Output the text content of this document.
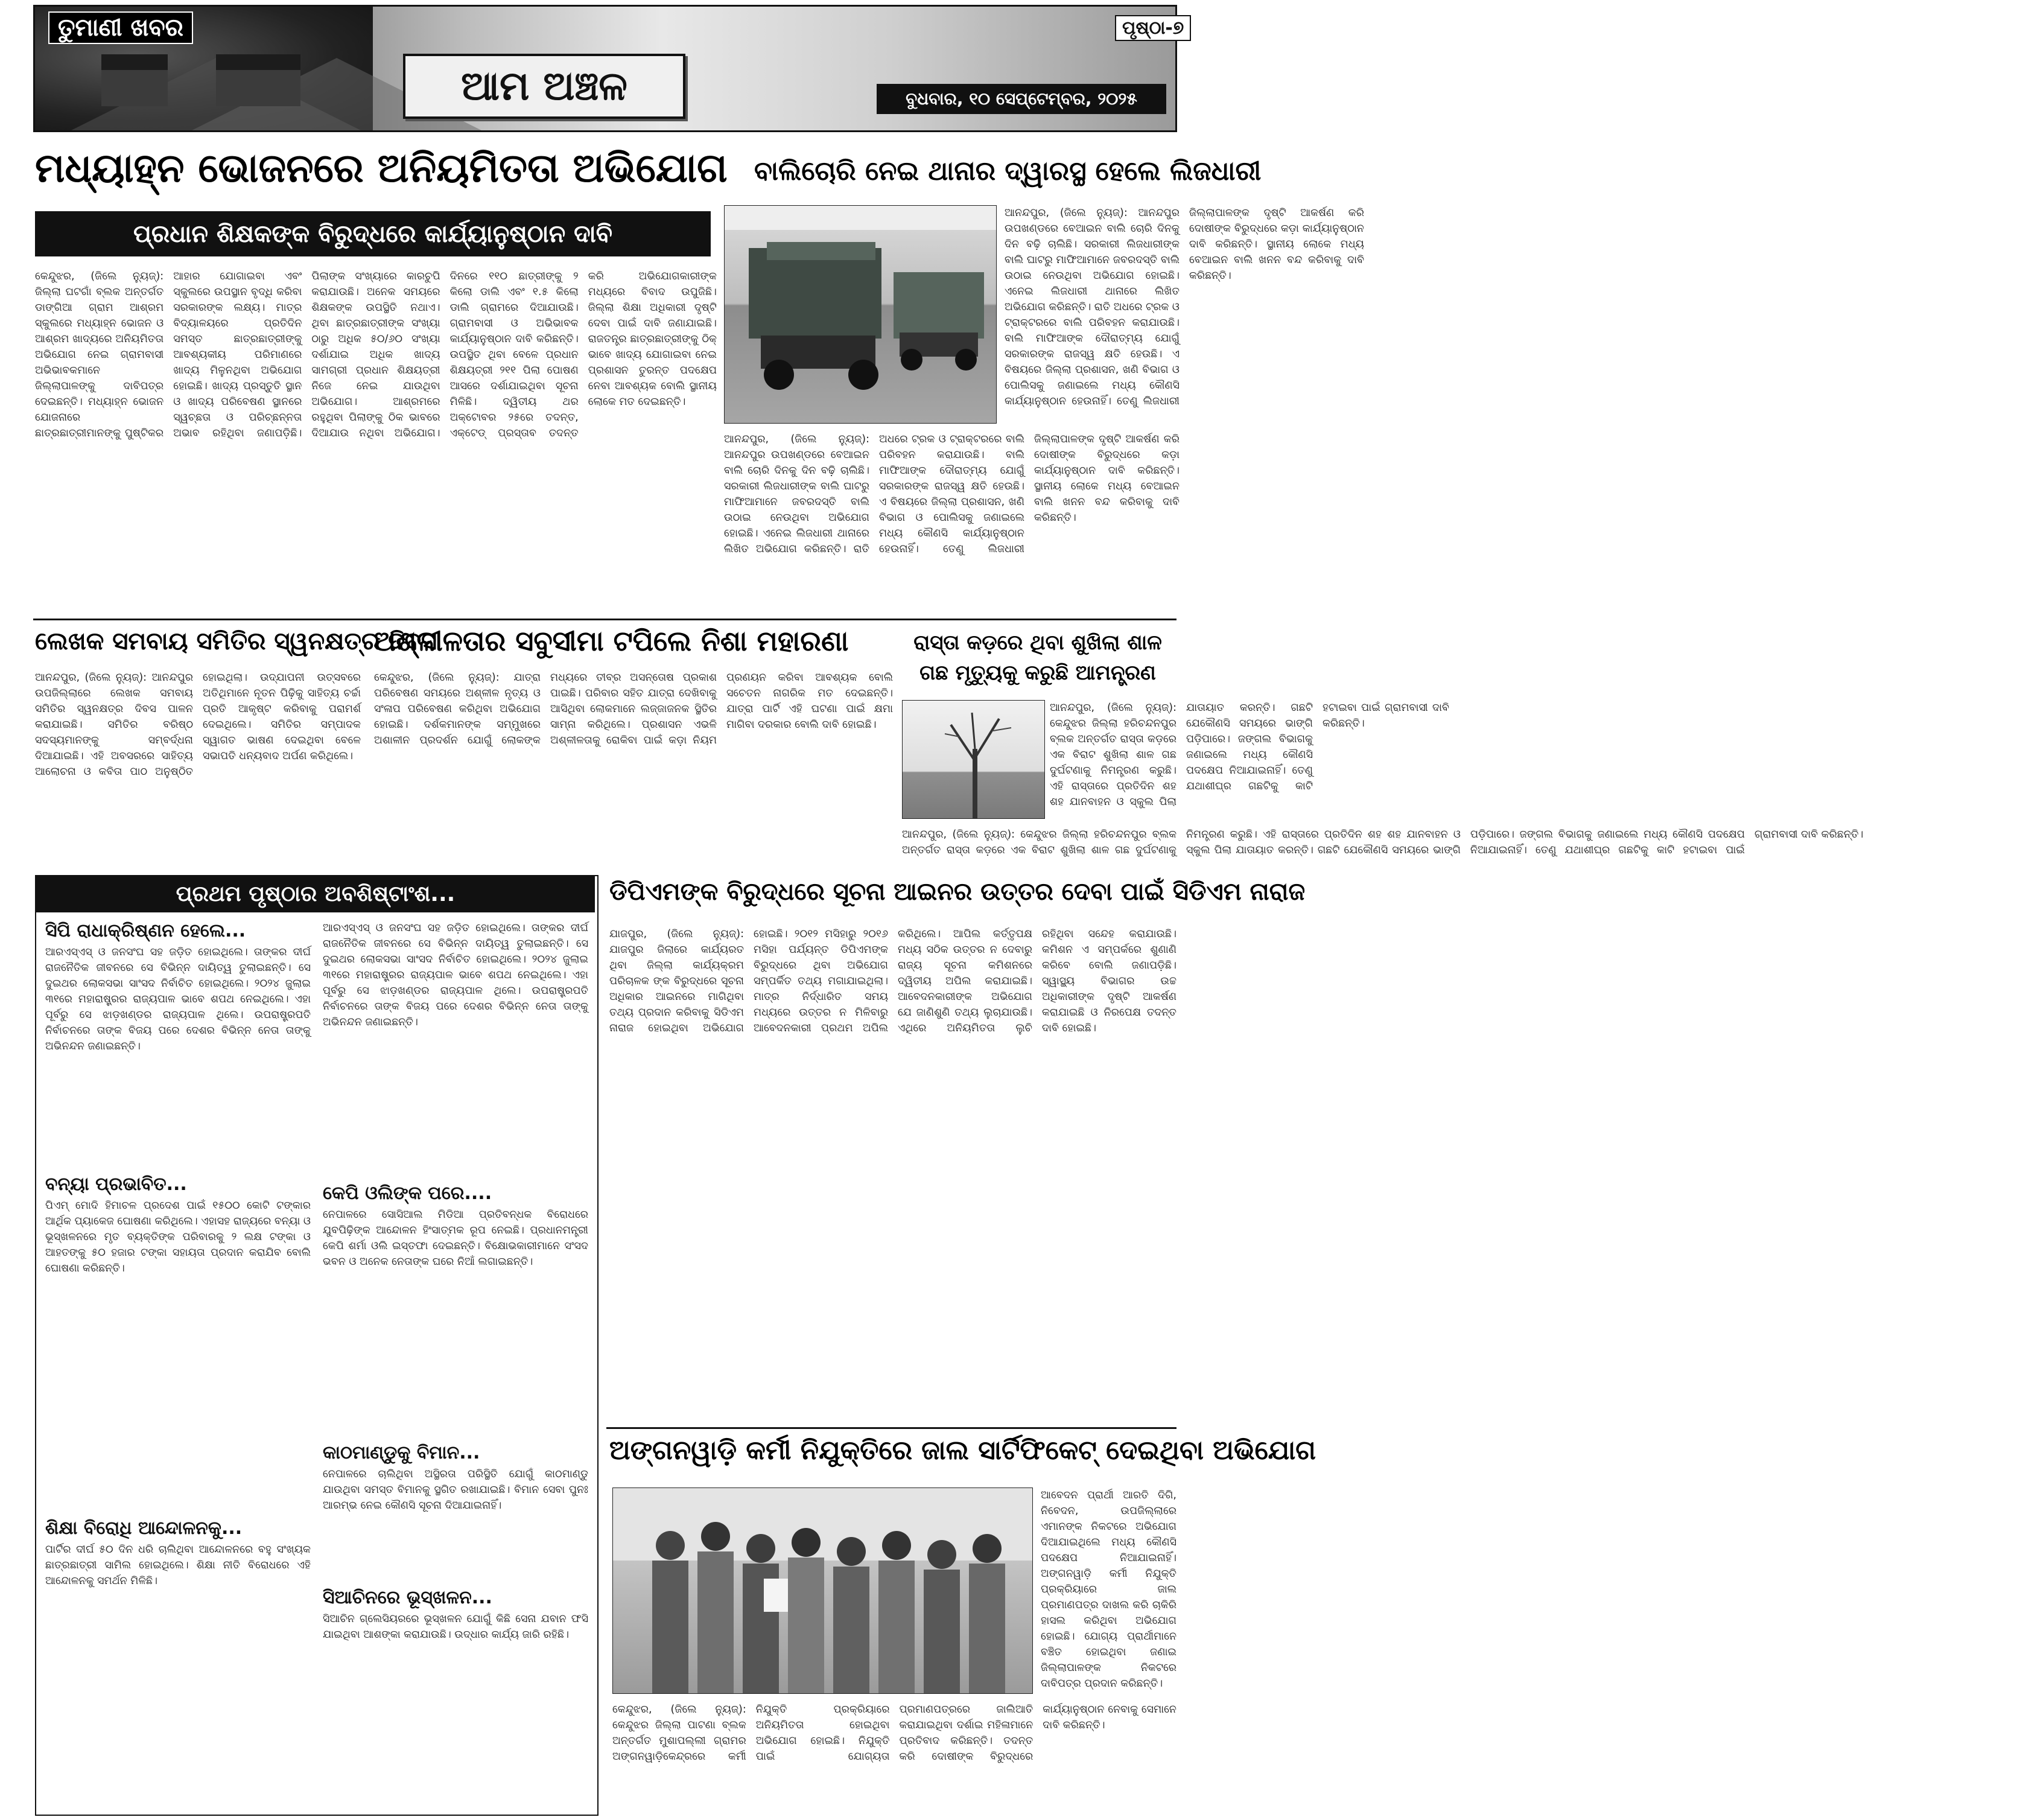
ତୁମାଣୀ ଖବର
ଆମ ଅଞ୍ଚଳ
ପୃଷ୍ଠା-୭
ବୁଧବାର, ୧୦ ସେପ୍ଟେମ୍ବର, ୨୦୨୫
ମଧ୍ୟାହ୍ନ ଭୋଜନରେ ଅନିୟମିତତା ଅଭିଯୋଗ
ପ୍ରଧାନ ଶିକ୍ଷକଙ୍କ ବିରୁଦ୍ଧରେ କାର୍ଯ୍ୟାନୁଷ୍ଠାନ ଦାବି
କେନ୍ଦୁଝର, (ଜିଲେ ନ୍ୟୁଜ୍): ଜିଲ୍ଲା ଘଟଗାଁ ବ୍ଲକ ଅନ୍ତର୍ଗତ ଡାଙ୍ଗିଆ ଗ୍ରାମ ଆଶ୍ରମ ସ୍କୁଲରେ ମଧ୍ୟାହ୍ନ ଭୋଜନ ଓ ଆଶ୍ରମ ଖାଦ୍ୟରେ ଅନିୟମିତତା ଅଭିଯୋଗ ନେଇ ଗ୍ରାମବାସୀ ଅଭିଭାବକମାନେ ଜିଲ୍ଲାପାଳଙ୍କୁ ଦାବିପତ୍ର ଦେଇଛନ୍ତି। ମଧ୍ୟାହ୍ନ ଭୋଜନ ଯୋଜନାରେ ଛାତ୍ରଛାତ୍ରୀମାନଙ୍କୁ ପୁଷ୍ଟିକର ଆହାର ଯୋଗାଇବା ଏବଂ ସ୍କୁଲରେ ଉପସ୍ଥାନ ବୃଦ୍ଧି କରିବା ସରକାରଙ୍କ ଲକ୍ଷ୍ୟ। ମାତ୍ର ବିଦ୍ୟାଳୟରେ ପ୍ରତିଦିନ ସମସ୍ତ ଛାତ୍ରଛାତ୍ରୀଙ୍କୁ ଆବଶ୍ୟକୀୟ ପରିମାଣରେ ଖାଦ୍ୟ ମିଳୁନଥିବା ଅଭିଯୋଗ ହୋଇଛି। ଖାଦ୍ୟ ପ୍ରସ୍ତୁତି ସ୍ଥାନ ଓ ଖାଦ୍ୟ ପରିବେଷଣ ସ୍ଥାନରେ ସ୍ୱଚ୍ଛତା ଓ ପରିଚ୍ଛନ୍ନତା ଅଭାବ ରହିଥିବା ଜଣାପଡ଼ିଛି। ପିଲାଙ୍କ ସଂଖ୍ୟାରେ କାରଚୁପି କରାଯାଉଛି। ଅନେକ ସମୟରେ ଶିକ୍ଷକଙ୍କ ଉପସ୍ଥିତି ନଥାଏ। ଥିବା ଛାତ୍ରଛାତ୍ରୀଙ୍କ ସଂଖ୍ୟା ଠାରୁ ଅଧିକ ୫୦/୬୦ ସଂଖ୍ୟା ଦର୍ଶାଯାଇ ଅଧିକ ଖାଦ୍ୟ ସାମଗ୍ରୀ ପ୍ରଧାନ ଶିକ୍ଷୟତ୍ରୀ ନିଜେ ନେଇ ଯାଉଥିବା ଅଭିଯୋଗ। ଆଶ୍ରମରେ ରହୁଥିବା ପିଲାଙ୍କୁ ଠିକ ଭାବରେ ଦିଆଯାଉ ନଥିବା ଅଭିଯୋଗ। ଦିନରେ ୧୧୦ ଛାତ୍ରୀଙ୍କୁ ୨ କିଲୋ ଡାଲି ଏବଂ ୧.୫ କିଲୋ ଡାଲି ଗ୍ରାମରେ ଦିଆଯାଉଛି। ଗ୍ରାମବାସୀ ଓ ଅଭିଭାବକ କାର୍ଯ୍ୟାନୁଷ୍ଠାନ ଦାବି କରିଛନ୍ତି। ଉପସ୍ଥିତ ଥିବା ବେଳେ ପ୍ରଧାନ ଶିକ୍ଷୟତ୍ରୀ ୨୧୧ ପିଲା ପୋଷଣ ଆସରେ ଦର୍ଶାଯାଇଥିବା ସୂଚନା ମିଳିଛି। ଦ୍ୱିତୀୟ ଥର ଅକ୍ଟୋବର ୨୫ରେ ତଦନ୍ତ, ଏକ୍ଟେଡ୍ ପ୍ରସ୍ତାବ ତଦନ୍ତ କରି ଅଭିଯୋଗକାରୀଙ୍କ ମଧ୍ୟରେ ବିବାଦ ଉପୁଜିଛି। ଜିଲ୍ଲା ଶିକ୍ଷା ଅଧିକାରୀ ଦୃଷ୍ଟି ଦେବା ପାଇଁ ଦାବି ଜଣାଯାଇଛି। ରାଜତନ୍ତ୍ର ଛାତ୍ରଛାତ୍ରୀଙ୍କୁ ଠିକ୍ ଭାବେ ଖାଦ୍ୟ ଯୋଗାଇବା ନେଇ ପ୍ରଶାସନ ତୁରନ୍ତ ପଦକ୍ଷେପ ନେବା ଆବଶ୍ୟକ ବୋଲି ସ୍ଥାନୀୟ ଲୋକେ ମତ ଦେଇଛନ୍ତି।
ବାଲିଚୋରି ନେଇ ଥାନାର ଦ୍ୱାରସ୍ଥ ହେଲେ ଲିଜଧାରୀ
ଆନନ୍ଦପୁର, (ଜିଲେ ନ୍ୟୁଜ୍): ଆନନ୍ଦପୁର ଉପଖଣ୍ଡରେ ବେଆଇନ ବାଲି ଚୋରି ଦିନକୁ ଦିନ ବଢ଼ି ଚାଲିଛି। ସରକାରୀ ଲିଜଧାରୀଙ୍କ ବାଲି ଘାଟରୁ ମାଫିଆମାନେ ଜବରଦସ୍ତି ବାଲି ଉଠାଇ ନେଉଥିବା ଅଭିଯୋଗ ହୋଇଛି। ଏନେଇ ଲିଜଧାରୀ ଥାନାରେ ଲିଖିତ ଅଭିଯୋଗ କରିଛନ୍ତି। ରାତି ଅଧରେ ଟ୍ରକ ଓ ଟ୍ରାକ୍ଟରରେ ବାଲି ପରିବହନ କରାଯାଉଛି। ବାଲି ମାଫିଆଙ୍କ ଦୌରାତ୍ମ୍ୟ ଯୋଗୁଁ ସରକାରଙ୍କ ରାଜସ୍ୱ କ୍ଷତି ହେଉଛି। ଏ ବିଷୟରେ ଜିଲ୍ଲା ପ୍ରଶାସନ, ଖଣି ବିଭାଗ ଓ ପୋଲିସକୁ ଜଣାଇଲେ ମଧ୍ୟ କୌଣସି କାର୍ଯ୍ୟାନୁଷ୍ଠାନ ହେଉନାହିଁ। ତେଣୁ ଲିଜଧାରୀ ଜିଲ୍ଲାପାଳଙ୍କ ଦୃଷ୍ଟି ଆକର୍ଷଣ କରି ଦୋଷୀଙ୍କ ବିରୁଦ୍ଧରେ କଡ଼ା କାର୍ଯ୍ୟାନୁଷ୍ଠାନ ଦାବି କରିଛନ୍ତି। ସ୍ଥାନୀୟ ଲୋକେ ମଧ୍ୟ ବେଆଇନ ବାଲି ଖନନ ବନ୍ଦ କରିବାକୁ ଦାବି କରିଛନ୍ତି।
ଆନନ୍ଦପୁର, (ଜିଲେ ନ୍ୟୁଜ୍): ଆନନ୍ଦପୁର ଉପଖଣ୍ଡରେ ବେଆଇନ ବାଲି ଚୋରି ଦିନକୁ ଦିନ ବଢ଼ି ଚାଲିଛି। ସରକାରୀ ଲିଜଧାରୀଙ୍କ ବାଲି ଘାଟରୁ ମାଫିଆମାନେ ଜବରଦସ୍ତି ବାଲି ଉଠାଇ ନେଉଥିବା ଅଭିଯୋଗ ହୋଇଛି। ଏନେଇ ଲିଜଧାରୀ ଥାନାରେ ଲିଖିତ ଅଭିଯୋଗ କରିଛନ୍ତି। ରାତି ଅଧରେ ଟ୍ରକ ଓ ଟ୍ରାକ୍ଟରରେ ବାଲି ପରିବହନ କରାଯାଉଛି। ବାଲି ମାଫିଆଙ୍କ ଦୌରାତ୍ମ୍ୟ ଯୋଗୁଁ ସରକାରଙ୍କ ରାଜସ୍ୱ କ୍ଷତି ହେଉଛି। ଏ ବିଷୟରେ ଜିଲ୍ଲା ପ୍ରଶାସନ, ଖଣି ବିଭାଗ ଓ ପୋଲିସକୁ ଜଣାଇଲେ ମଧ୍ୟ କୌଣସି କାର୍ଯ୍ୟାନୁଷ୍ଠାନ ହେଉନାହିଁ। ତେଣୁ ଲିଜଧାରୀ ଜିଲ୍ଲାପାଳଙ୍କ ଦୃଷ୍ଟି ଆକର୍ଷଣ କରି ଦୋଷୀଙ୍କ ବିରୁଦ୍ଧରେ କଡ଼ା କାର୍ଯ୍ୟାନୁଷ୍ଠାନ ଦାବି କରିଛନ୍ତି। ସ୍ଥାନୀୟ ଲୋକେ ମଧ୍ୟ ବେଆଇନ ବାଲି ଖନନ ବନ୍ଦ କରିବାକୁ ଦାବି କରିଛନ୍ତି।
ଲେଖକ ସମବାୟ ସମିତିର ସ୍ୱନକ୍ଷତ୍ର ଦିବସ
ଆନନ୍ଦପୁର, (ଜିଲେ ନ୍ୟୁଜ୍): ଆନନ୍ଦପୁର ଉପଜିଲ୍ଲାରେ ଲେଖକ ସମବାୟ ସମିତିର ସ୍ୱନକ୍ଷତ୍ର ଦିବସ ପାଳନ କରାଯାଇଛି। ସମିତିର ବରିଷ୍ଠ ସଦସ୍ୟମାନଙ୍କୁ ସମ୍ବର୍ଦ୍ଧନା ଦିଆଯାଇଛି। ଏହି ଅବସରରେ ସାହିତ୍ୟ ଆଲୋଚନା ଓ କବିତା ପାଠ ଅନୁଷ୍ଠିତ ହୋଇଥିଲା। ଉଦ୍‌ଯାପନୀ ଉତ୍ସବରେ ଅତିଥିମାନେ ନୂତନ ପିଢ଼ିକୁ ସାହିତ୍ୟ ଚର୍ଚ୍ଚା ପ୍ରତି ଆକୃଷ୍ଟ କରିବାକୁ ପରାମର୍ଶ ଦେଇଥିଲେ। ସମିତିର ସମ୍ପାଦକ ସ୍ୱାଗତ ଭାଷଣ ଦେଇଥିବା ବେଳେ ସଭାପତି ଧନ୍ୟବାଦ ଅର୍ପଣ କରିଥିଲେ।
ଅଶ୍ଳୀଳତାର ସବୁସୀମା ଟପିଲେ ନିଶା ମହାରଣା
କେନ୍ଦୁଝର, (ଜିଲେ ନ୍ୟୁଜ୍): ଯାତ୍ରା ପରିବେଷଣ ସମୟରେ ଅଶ୍ଳୀଳ ନୃତ୍ୟ ଓ ସଂଳାପ ପରିବେଷଣ କରିଥିବା ଅଭିଯୋଗ ହୋଇଛି। ଦର୍ଶକମାନଙ୍କ ସମ୍ମୁଖରେ ଅଶାଳୀନ ପ୍ରଦର୍ଶନ ଯୋଗୁଁ ଲୋକଙ୍କ ମଧ୍ୟରେ ତୀବ୍ର ଅସନ୍ତୋଷ ପ୍ରକାଶ ପାଇଛି। ପରିବାର ସହିତ ଯାତ୍ରା ଦେଖିବାକୁ ଆସିଥିବା ଲୋକମାନେ ଲଜ୍ଜାଜନକ ସ୍ଥିତିର ସାମ୍ନା କରିଥିଲେ। ପ୍ରଶାସନ ଏଭଳି ଅଶ୍ଳୀଳତାକୁ ରୋକିବା ପାଇଁ କଡ଼ା ନିୟମ ପ୍ରଣୟନ କରିବା ଆବଶ୍ୟକ ବୋଲି ସଚେତନ ନାଗରିକ ମତ ଦେଇଛନ୍ତି। ଯାତ୍ରା ପାର୍ଟି ଏହି ଘଟଣା ପାଇଁ କ୍ଷମା ମାଗିବା ଦରକାର ବୋଲି ଦାବି ହୋଇଛି।
ରାସ୍ତା କଡ଼ରେ ଥିବା ଶୁଖିଲା ଶାଳ ଗଛ ମୃତ୍ୟୁକୁ କରୁଛି ଆମନ୍ତ୍ରଣ
ଆନନ୍ଦପୁର, (ଜିଲେ ନ୍ୟୁଜ୍): କେନ୍ଦୁଝର ଜିଲ୍ଲା ହରିଚନ୍ଦନପୁର ବ୍ଲକ ଅନ୍ତର୍ଗତ ରାସ୍ତା କଡ଼ରେ ଏକ ବିରାଟ ଶୁଖିଲା ଶାଳ ଗଛ ଦୁର୍ଘଟଣାକୁ ନିମନ୍ତ୍ରଣ କରୁଛି। ଏହି ରାସ୍ତାରେ ପ୍ରତିଦିନ ଶହ ଶହ ଯାନବାହନ ଓ ସ୍କୁଲ ପିଲା ଯାତାୟାତ କରନ୍ତି। ଗଛଟି ଯେକୌଣସି ସମୟରେ ଭାଙ୍ଗି ପଡ଼ିପାରେ। ଜଙ୍ଗଲ ବିଭାଗକୁ ଜଣାଇଲେ ମଧ୍ୟ କୌଣସି ପଦକ୍ଷେପ ନିଆଯାଇନାହିଁ। ତେଣୁ ଯଥାଶୀଘ୍ର ଗଛଟିକୁ କାଟି ହଟାଇବା ପାଇଁ ଗ୍ରାମବାସୀ ଦାବି କରିଛନ୍ତି।
ଆନନ୍ଦପୁର, (ଜିଲେ ନ୍ୟୁଜ୍): କେନ୍ଦୁଝର ଜିଲ୍ଲା ହରିଚନ୍ଦନପୁର ବ୍ଲକ ଅନ୍ତର୍ଗତ ରାସ୍ତା କଡ଼ରେ ଏକ ବିରାଟ ଶୁଖିଲା ଶାଳ ଗଛ ଦୁର୍ଘଟଣାକୁ ନିମନ୍ତ୍ରଣ କରୁଛି। ଏହି ରାସ୍ତାରେ ପ୍ରତିଦିନ ଶହ ଶହ ଯାନବାହନ ଓ ସ୍କୁଲ ପିଲା ଯାତାୟାତ କରନ୍ତି। ଗଛଟି ଯେକୌଣସି ସମୟରେ ଭାଙ୍ଗି ପଡ଼ିପାରେ। ଜଙ୍ଗଲ ବିଭାଗକୁ ଜଣାଇଲେ ମଧ୍ୟ କୌଣସି ପଦକ୍ଷେପ ନିଆଯାଇନାହିଁ। ତେଣୁ ଯଥାଶୀଘ୍ର ଗଛଟିକୁ କାଟି ହଟାଇବା ପାଇଁ ଗ୍ରାମବାସୀ ଦାବି କରିଛନ୍ତି।
ପ୍ରଥମ ପୃଷ୍ଠାର ଅବଶିଷ୍ଟାଂଶ...
ସିପି ରାଧାକ୍ରିଷ୍ଣନ ହେଲେ...
ଆରଏସ୍‌ଏସ୍ ଓ ଜନସଂଘ ସହ ଜଡ଼ିତ ହୋଇଥିଲେ। ତାଙ୍କର ଦୀର୍ଘ ରାଜନୈତିକ ଜୀବନରେ ସେ ବିଭିନ୍ନ ଦାୟିତ୍ୱ ତୁଲାଇଛନ୍ତି। ସେ ଦୁଇଥର ଲୋକସଭା ସାଂସଦ ନିର୍ବାଚିତ ହୋଇଥିଲେ। ୨୦୨୪ ଜୁଲାଇ ୩୧ରେ ମହାରାଷ୍ଟ୍ରର ରାଜ୍ୟପାଳ ଭାବେ ଶପଥ ନେଇଥିଲେ। ଏହା ପୂର୍ବରୁ ସେ ଝାଡ଼ଖଣ୍ଡର ରାଜ୍ୟପାଳ ଥିଲେ। ଉପରାଷ୍ଟ୍ରପତି ନିର୍ବାଚନରେ ତାଙ୍କ ବିଜୟ ପରେ ଦେଶର ବିଭିନ୍ନ ନେତା ତାଙ୍କୁ ଅଭିନନ୍ଦନ ଜଣାଇଛନ୍ତି।
ବନ୍ୟା ପ୍ରଭାବିତ...
ପିଏମ୍ ମୋଦି ହିମାଚଳ ପ୍ରଦେଶ ପାଇଁ ୧୫୦୦ କୋଟି ଟଙ୍କାର ଆର୍ଥିକ ପ୍ୟାକେଜ ଘୋଷଣା କରିଥିଲେ। ଏହାସହ ରାଜ୍ୟରେ ବନ୍ୟା ଓ ଭୂସ୍ଖଳନରେ ମୃତ ବ୍ୟକ୍ତିଙ୍କ ପରିବାରକୁ ୨ ଲକ୍ଷ ଟଙ୍କା ଓ ଆହତଙ୍କୁ ୫୦ ହଜାର ଟଙ୍କା ସହାୟତା ପ୍ରଦାନ କରାଯିବ ବୋଲି ଘୋଷଣା କରିଛନ୍ତି।
ଶିକ୍ଷା ବିରୋଧି ଆନ୍ଦୋଳନକୁ...
ପାର୍ଟିର ଦୀର୍ଘ ୫୦ ଦିନ ଧରି ଚାଲିଥିବା ଆନ୍ଦୋଳନରେ ବହୁ ସଂଖ୍ୟକ ଛାତ୍ରଛାତ୍ରୀ ସାମିଲ ହୋଇଥିଲେ। ଶିକ୍ଷା ନୀତି ବିରୋଧରେ ଏହି ଆନ୍ଦୋଳନକୁ ସମର୍ଥନ ମିଳିଛି।
ଆରଏସ୍‌ଏସ୍ ଓ ଜନସଂଘ ସହ ଜଡ଼ିତ ହୋଇଥିଲେ। ତାଙ୍କର ଦୀର୍ଘ ରାଜନୈତିକ ଜୀବନରେ ସେ ବିଭିନ୍ନ ଦାୟିତ୍ୱ ତୁଲାଇଛନ୍ତି। ସେ ଦୁଇଥର ଲୋକସଭା ସାଂସଦ ନିର୍ବାଚିତ ହୋଇଥିଲେ। ୨୦୨୪ ଜୁଲାଇ ୩୧ରେ ମହାରାଷ୍ଟ୍ରର ରାଜ୍ୟପାଳ ଭାବେ ଶପଥ ନେଇଥିଲେ। ଏହା ପୂର୍ବରୁ ସେ ଝାଡ଼ଖଣ୍ଡର ରାଜ୍ୟପାଳ ଥିଲେ। ଉପରାଷ୍ଟ୍ରପତି ନିର୍ବାଚନରେ ତାଙ୍କ ବିଜୟ ପରେ ଦେଶର ବିଭିନ୍ନ ନେତା ତାଙ୍କୁ ଅଭିନନ୍ଦନ ଜଣାଇଛନ୍ତି।
କେପି ଓଲିଙ୍କ ପରେ....
ନେପାଳରେ ସୋସିଆଲ ମିଡିଆ ପ୍ରତିବନ୍ଧକ ବିରୋଧରେ ଯୁବପିଢ଼ିଙ୍କ ଆନ୍ଦୋଳନ ହିଂସାତ୍ମକ ରୂପ ନେଇଛି। ପ୍ରଧାନମନ୍ତ୍ରୀ କେପି ଶର୍ମା ଓଲି ଇସ୍ତଫା ଦେଇଛନ୍ତି। ବିକ୍ଷୋଭକାରୀମାନେ ସଂସଦ ଭବନ ଓ ଅନେକ ନେତାଙ୍କ ଘରେ ନିଆଁ ଲଗାଇଛନ୍ତି।
କାଠମାଣ୍ଡୁକୁ ବିମାନ...
ନେପାଳରେ ଚାଲିଥିବା ଅସ୍ଥିରତା ପରିସ୍ଥିତି ଯୋଗୁଁ କାଠମାଣ୍ଡୁ ଯାଉଥିବା ସମସ୍ତ ବିମାନକୁ ସ୍ଥଗିତ ରଖାଯାଇଛି। ବିମାନ ସେବା ପୁନଃ ଆରମ୍ଭ ନେଇ କୌଣସି ସୂଚନା ଦିଆଯାଇନାହିଁ।
ସିଆଚିନରେ ଭୂସ୍ଖଳନ...
ସିଆଚିନ ଗ୍ଲେସିୟରରେ ଭୂସ୍ଖଳନ ଯୋଗୁଁ କିଛି ସେନା ଯବାନ ଫସି ଯାଇଥିବା ଆଶଙ୍କା କରାଯାଉଛି। ଉଦ୍ଧାର କାର୍ଯ୍ୟ ଜାରି ରହିଛି।
ଡିପିଏମଙ୍କ ବିରୁଦ୍ଧରେ ସୂଚନା ଆଇନର ଉତ୍ତର ଦେବା ପାଇଁ ସିଡିଏମ ନାରାଜ
ଯାଜପୁର, (ଜିଲେ ନ୍ୟୁଜ୍): ଯାଜପୁର ଜିଲାରେ କାର୍ଯ୍ୟରତ ଥିବା ଜିଲ୍ଲା କାର୍ଯ୍ୟକ୍ରମ ପରିଚାଳକ ଙ୍କ ବିରୁଦ୍ଧରେ ସୂଚନା ଅଧିକାର ଆଇନରେ ମାଗିଥିବା ତଥ୍ୟ ପ୍ରଦାନ କରିବାକୁ ସିଡିଏମ ନାରାଜ ହୋଇଥିବା ଅଭିଯୋଗ ହୋଇଛି। ୨୦୧୨ ମସିହାରୁ ୨୦୧୬ ମସିହା ପର୍ଯ୍ୟନ୍ତ ଡିପିଏମଙ୍କ ବିରୁଦ୍ଧରେ ଥିବା ଅଭିଯୋଗ ସମ୍ପର୍କିତ ତଥ୍ୟ ମଗାଯାଇଥିଲା। ମାତ୍ର ନିର୍ଦ୍ଧାରିତ ସମୟ ମଧ୍ୟରେ ଉତ୍ତର ନ ମିଳିବାରୁ ଆବେଦନକାରୀ ପ୍ରଥମ ଅପିଲ କରିଥିଲେ। ଆପିଲ କର୍ତ୍ତୃପକ୍ଷ ମଧ୍ୟ ସଠିକ ଉତ୍ତର ନ ଦେବାରୁ ରାଜ୍ୟ ସୂଚନା କମିଶନରେ ଦ୍ୱିତୀୟ ଅପିଲ କରାଯାଇଛି। ଆବେଦନକାରୀଙ୍କ ଅଭିଯୋଗ ଯେ ଜାଣିଶୁଣି ତଥ୍ୟ ଲୁଚାଯାଉଛି। ଏଥିରେ ଅନିୟମିତତା ଲୁଚି ରହିଥିବା ସନ୍ଦେହ କରାଯାଉଛି। କମିଶନ ଏ ସମ୍ପର୍କରେ ଶୁଣାଣି କରିବେ ବୋଲି ଜଣାପଡ଼ିଛି। ସ୍ୱାସ୍ଥ୍ୟ ବିଭାଗର ଉଚ୍ଚ ଅଧିକାରୀଙ୍କ ଦୃଷ୍ଟି ଆକର୍ଷଣ କରାଯାଇଛି ଓ ନିରପେକ୍ଷ ତଦନ୍ତ ଦାବି ହୋଇଛି।
ଅଙ୍ଗନୱାଡ଼ି କର୍ମୀ ନିଯୁକ୍ତିରେ ଜାଲ ସାର୍ଟିଫିକେଟ୍ ଦେଇଥିବା ଅଭିଯୋଗ
ଆବେଦନ ପ୍ରାର୍ଥୀ ଆରତି ଦିଗି, ନିବେଦନ, ଉପଜିଲ୍ଲାରେ ଏମାନଙ୍କ ନିକଟରେ ଅଭିଯୋଗ ଦିଆଯାଇଥିଲେ ମଧ୍ୟ କୌଣସି ପଦକ୍ଷେପ ନିଆଯାଇନାହିଁ। ଅଙ୍ଗନୱାଡ଼ି କର୍ମୀ ନିଯୁକ୍ତି ପ୍ରକ୍ରିୟାରେ ଜାଲ ପ୍ରମାଣପତ୍ର ଦାଖଲ କରି ଚାକିରି ହାସଲ କରିଥିବା ଅଭିଯୋଗ ହୋଇଛି। ଯୋଗ୍ୟ ପ୍ରାର୍ଥୀମାନେ ବଞ୍ଚିତ ହୋଇଥିବା ଜଣାଇ ଜିଲ୍ଲାପାଳଙ୍କ ନିକଟରେ ଦାବିପତ୍ର ପ୍ରଦାନ କରିଛନ୍ତି।
କେନ୍ଦୁଝର, (ଜିଲେ ନ୍ୟୁଜ୍): କେନ୍ଦୁଝର ଜିଲ୍ଲା ପାଟଣା ବ୍ଲକ ଅନ୍ତର୍ଗତ ମୁଶାପଲ୍ଲୀ ଗ୍ରାମର ଅଙ୍ଗନୱାଡ଼ିକେନ୍ଦ୍ରରେ କର୍ମୀ ନିଯୁକ୍ତି ପ୍ରକ୍ରିୟାରେ ଅନିୟମିତତା ହୋଇଥିବା ଅଭିଯୋଗ ହୋଇଛି। ନିଯୁକ୍ତି ପାଇଁ ଯୋଗ୍ୟତା ପ୍ରମାଣପତ୍ରରେ ଜାଲିଆତି କରାଯାଇଥିବା ଦର୍ଶାଇ ମହିଳାମାନେ ପ୍ରତିବାଦ କରିଛନ୍ତି। ତଦନ୍ତ କରି ଦୋଷୀଙ୍କ ବିରୁଦ୍ଧରେ କାର୍ଯ୍ୟାନୁଷ୍ଠାନ ନେବାକୁ ସେମାନେ ଦାବି କରିଛନ୍ତି।
